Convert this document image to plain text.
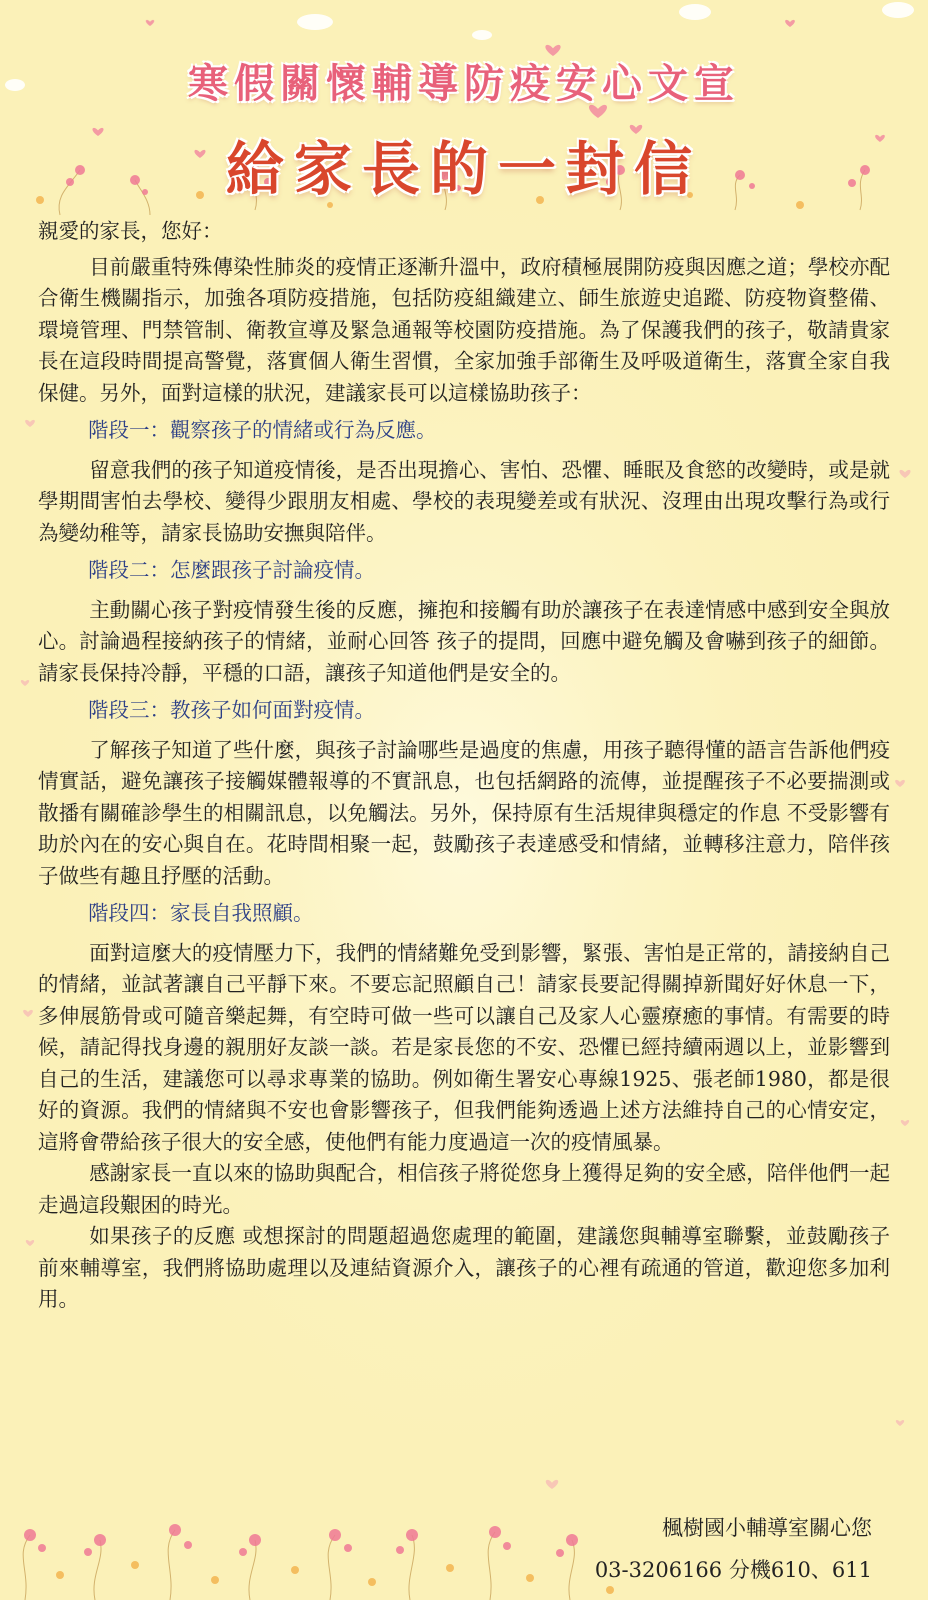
寒假關懷輔導防疫安心文宣
給家長的一封信

親愛的家長，您好：

目前嚴重特殊傳染性肺炎的疫情正逐漸升溫中，政府積極展開防疫與因應之道；學校亦配合衛生機關指示，加強各項防疫措施，包括防疫組織建立、師生旅遊史追蹤、防疫物資整備、環境管理、門禁管制、衛教宣導及緊急通報等校園防疫措施。為了保護我們的孩子，敬請貴家長在這段時間提高警覺，落實個人衛生習慣，全家加強手部衛生及呼吸道衛生，落實全家自我保健。另外，面對這樣的狀況，建議家長可以這樣協助孩子：

階段一：觀察孩子的情緒或行為反應。

留意我們的孩子知道疫情後，是否出現擔心、害怕、恐懼、睡眠及食慾的改變時，或是就學期間害怕去學校、變得少跟朋友相處、學校的表現變差或有狀況、沒理由出現攻擊行為或行為變幼稚等，請家長協助安撫與陪伴。

階段二：怎麼跟孩子討論疫情。

主動關心孩子對疫情發生後的反應，擁抱和接觸有助於讓孩子在表達情感中感到安全與放心。討論過程接納孩子的情緒，並耐心回答 孩子的提問，回應中避免觸及會嚇到孩子的細節。請家長保持冷靜，平穩的口語，讓孩子知道他們是安全的。

階段三：教孩子如何面對疫情。

了解孩子知道了些什麼，與孩子討論哪些是過度的焦慮，用孩子聽得懂的語言告訴他們疫情實話，避免讓孩子接觸媒體報導的不實訊息，也包括網路的流傳，並提醒孩子不必要揣測或散播有關確診學生的相關訊息，以免觸法。另外，保持原有生活規律與穩定的作息 不受影響有助於內在的安心與自在。花時間相聚一起，鼓勵孩子表達感受和情緒，並轉移注意力，陪伴孩子做些有趣且抒壓的活動。

階段四：家長自我照顧。

面對這麼大的疫情壓力下，我們的情緒難免受到影響，緊張、害怕是正常的，請接納自己的情緒，並試著讓自己平靜下來。不要忘記照顧自己！請家長要記得關掉新聞好好休息一下，多伸展筋骨或可隨音樂起舞，有空時可做一些可以讓自己及家人心靈療癒的事情。有需要的時候，請記得找身邊的親朋好友談一談。若是家長您的不安、恐懼已經持續兩週以上，並影響到自己的生活，建議您可以尋求專業的協助。例如衛生署安心專線1925、張老師1980，都是很好的資源。我們的情緒與不安也會影響孩子，但我們能夠透過上述方法維持自己的心情安定，這將會帶給孩子很大的安全感，使他們有能力度過這一次的疫情風暴。

感謝家長一直以來的協助與配合，相信孩子將從您身上獲得足夠的安全感，陪伴他們一起走過這段艱困的時光。

如果孩子的反應 或想探討的問題超過您處理的範圍，建議您與輔導室聯繫，並鼓勵孩子前來輔導室，我們將協助處理以及連結資源介入，讓孩子的心裡有疏通的管道，歡迎您多加利用。

楓樹國小輔導室關心您
03-3206166 分機610、611
